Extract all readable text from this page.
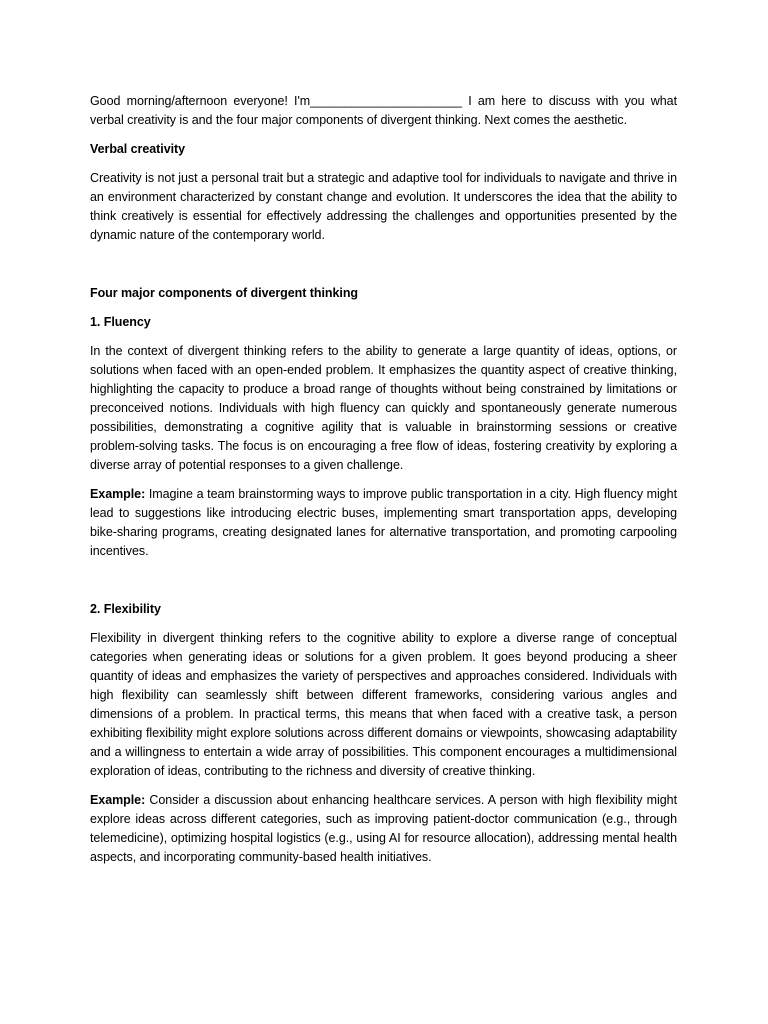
Good morning/afternoon everyone! I'm______________________ I am here to discuss with you what verbal creativity is and the four major components of divergent thinking. Next comes the aesthetic.

Verbal creativity

Creativity is not just a personal trait but a strategic and adaptive tool for individuals to navigate and thrive in an environment characterized by constant change and evolution. It underscores the idea that the ability to think creatively is essential for effectively addressing the challenges and opportunities presented by the dynamic nature of the contemporary world.

Four major components of divergent thinking

1. Fluency

In the context of divergent thinking refers to the ability to generate a large quantity of ideas, options, or solutions when faced with an open-ended problem. It emphasizes the quantity aspect of creative thinking, highlighting the capacity to produce a broad range of thoughts without being constrained by limitations or preconceived notions. Individuals with high fluency can quickly and spontaneously generate numerous possibilities, demonstrating a cognitive agility that is valuable in brainstorming sessions or creative problem-solving tasks. The focus is on encouraging a free flow of ideas, fostering creativity by exploring a diverse array of potential responses to a given challenge.

Example: Imagine a team brainstorming ways to improve public transportation in a city. High fluency might lead to suggestions like introducing electric buses, implementing smart transportation apps, developing bike-sharing programs, creating designated lanes for alternative transportation, and promoting carpooling incentives.

2. Flexibility

Flexibility in divergent thinking refers to the cognitive ability to explore a diverse range of conceptual categories when generating ideas or solutions for a given problem. It goes beyond producing a sheer quantity of ideas and emphasizes the variety of perspectives and approaches considered. Individuals with high flexibility can seamlessly shift between different frameworks, considering various angles and dimensions of a problem. In practical terms, this means that when faced with a creative task, a person exhibiting flexibility might explore solutions across different domains or viewpoints, showcasing adaptability and a willingness to entertain a wide array of possibilities. This component encourages a multidimensional exploration of ideas, contributing to the richness and diversity of creative thinking.

Example: Consider a discussion about enhancing healthcare services. A person with high flexibility might explore ideas across different categories, such as improving patient-doctor communication (e.g., through telemedicine), optimizing hospital logistics (e.g., using AI for resource allocation), addressing mental health aspects, and incorporating community-based health initiatives.
